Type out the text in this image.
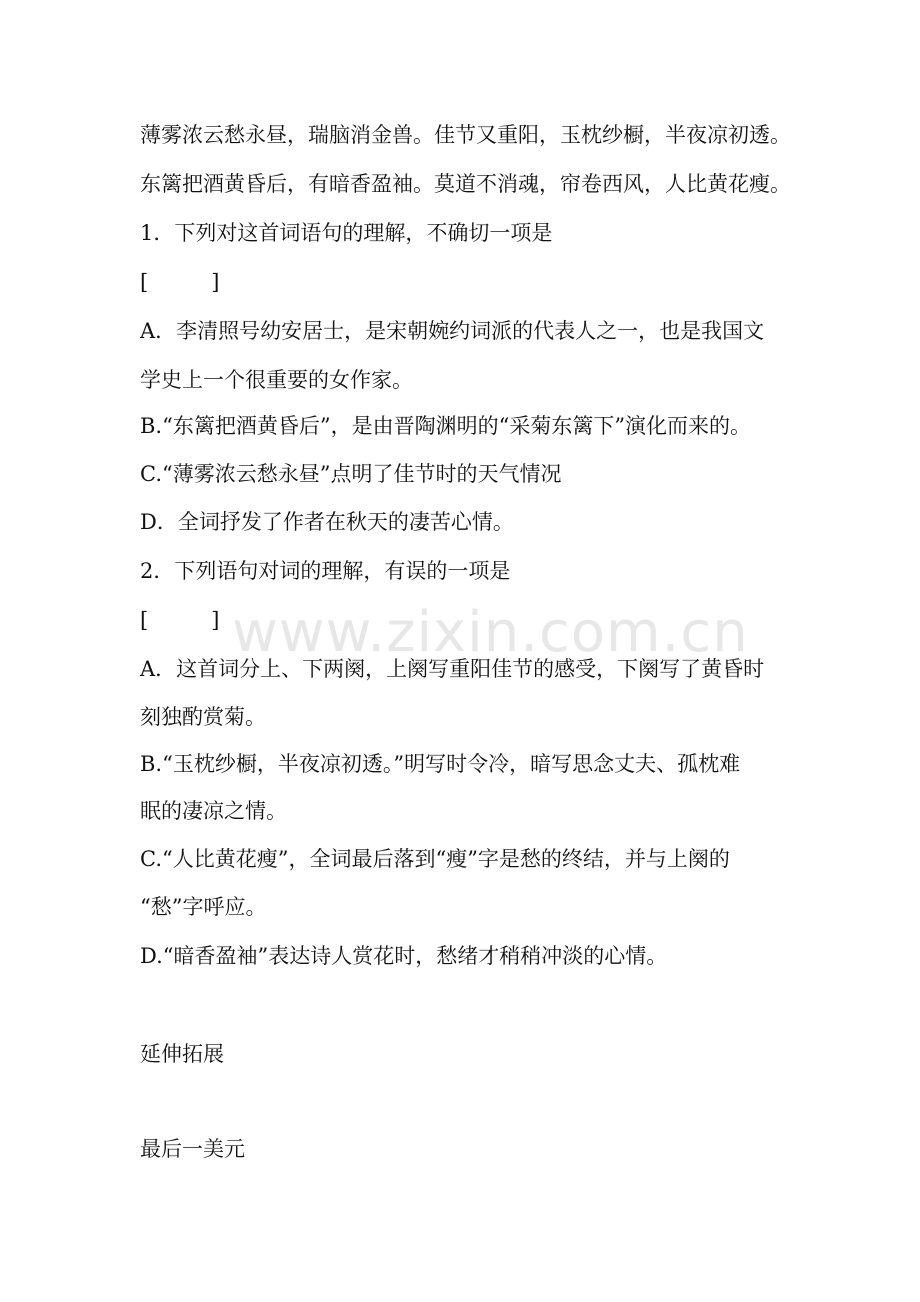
薄雾浓云愁永昼，瑞脑消金兽。佳节又重阳，玉枕纱橱，半夜凉初透。
东篱把酒黄昏后，有暗香盈袖。莫道不消魂，帘卷西风，人比黄花瘦。
1．下列对这首词语句的理解，不确切一项是
[　　　]
A．李清照号幼安居士，是宋朝婉约词派的代表人之一，也是我国文
学史上一个很重要的女作家。
B.“东篱把酒黄昏后”，是由晋陶渊明的“采菊东篱下”演化而来的。
C.“薄雾浓云愁永昼”点明了佳节时的天气情况
D．全词抒发了作者在秋天的凄苦心情。
2．下列语句对词的理解，有误的一项是
[　　　]
A．这首词分上、下两阕，上阕写重阳佳节的感受，下阕写了黄昏时
刻独酌赏菊。
B.“玉枕纱橱，半夜凉初透。”明写时令冷，暗写思念丈夫、孤枕难
眠的凄凉之情。
C.“人比黄花瘦”，全词最后落到“瘦”字是愁的终结，并与上阕的
“愁”字呼应。
D.“暗香盈袖”表达诗人赏花时，愁绪才稍稍冲淡的心情。
延伸拓展
最后一美元
www.zixin.com.cn
